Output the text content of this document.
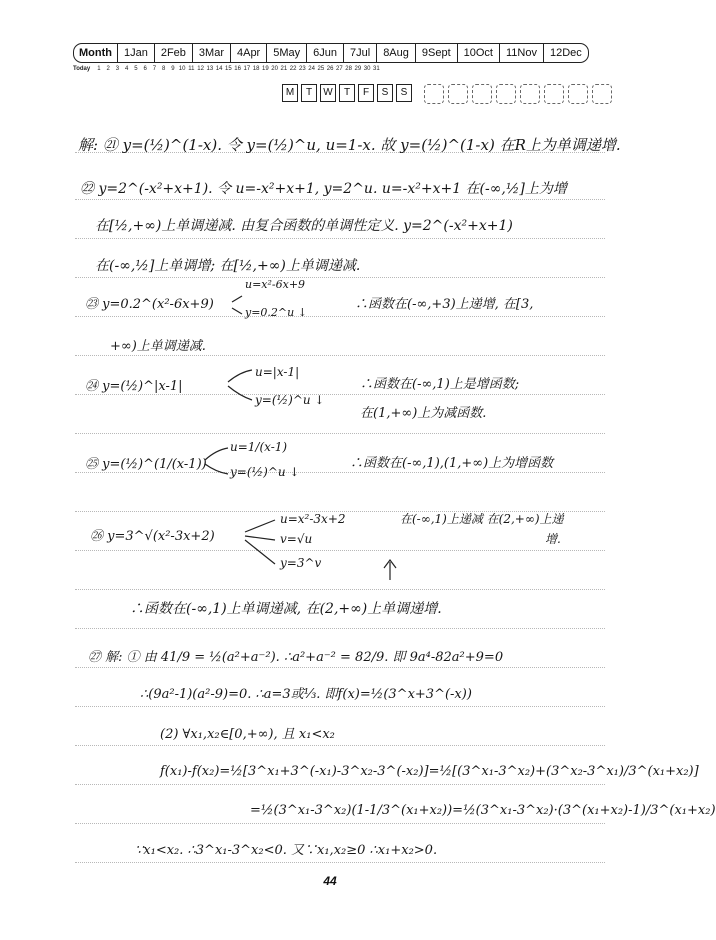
Month	1Jan	2Feb	3Mar	4Apr	5May	6Jun	7Jul	8Aug	9Sept	10Oct	11Nov	12Dec
Today	1 2 3 4 5 6 7 8 9 10 11 12 13 14 15 16 17 18 19 20 21 22 23 24 25 26 27 28 29 30 31
M	T	W	T	F	S	S
解: ㉑ y=(½)^(1-x). 令 y=(½)^u, u=1-x. 故 y=(½)^(1-x) 在R上为单调递增.
㉒ y=2^(-x²+x+1). 令 u=-x²+x+1, y=2^u. u=-x²+x+1 在(-∞,½]上为增
在[½,+∞)上单调递减. 由复合函数的单调性定义. y=2^(-x²+x+1)
在(-∞,½]上单调增; 在[½,+∞)上单调递减.
㉓ y=0.2^(x²-6x+9)
u=x²-6x+9
y=0.2^u ↓
∴函数在(-∞,+3)上递增, 在[3,
+∞)上单调递减.
㉔ y=(½)^|x-1|
u=|x-1|
y=(½)^u ↓
∴函数在(-∞,1)上是增函数;
在(1,+∞)上为减函数.
㉕ y=(½)^(1/(x-1))
u=1/(x-1)
y=(½)^u ↓
∴函数在(-∞,1),(1,+∞)上为增函数
㉖ y=3^√(x²-3x+2)
u=x²-3x+2
v=√u
y=3^v
在(-∞,1)上递减 在(2,+∞)上递
增.
∴函数在(-∞,1)上单调递减, 在(2,+∞)上单调递增.
㉗ 解: ① 由 41/9 = ½(a²+a⁻²). ∴a²+a⁻² = 82/9. 即 9a⁴-82a²+9=0
∴(9a²-1)(a²-9)=0. ∴a=3或⅓. 即f(x)=½(3^x+3^(-x))
(2) ∀x₁,x₂∈[0,+∞), 且 x₁<x₂
f(x₁)-f(x₂)=½[3^x₁+3^(-x₁)-3^x₂-3^(-x₂)]=½[(3^x₁-3^x₂)+(3^x₂-3^x₁)/3^(x₁+x₂)]
=½(3^x₁-3^x₂)(1-1/3^(x₁+x₂))=½(3^x₁-3^x₂)·(3^(x₁+x₂)-1)/3^(x₁+x₂)
∵x₁<x₂. ∴3^x₁-3^x₂<0. 又∵x₁,x₂≥0 ∴x₁+x₂>0.
44
